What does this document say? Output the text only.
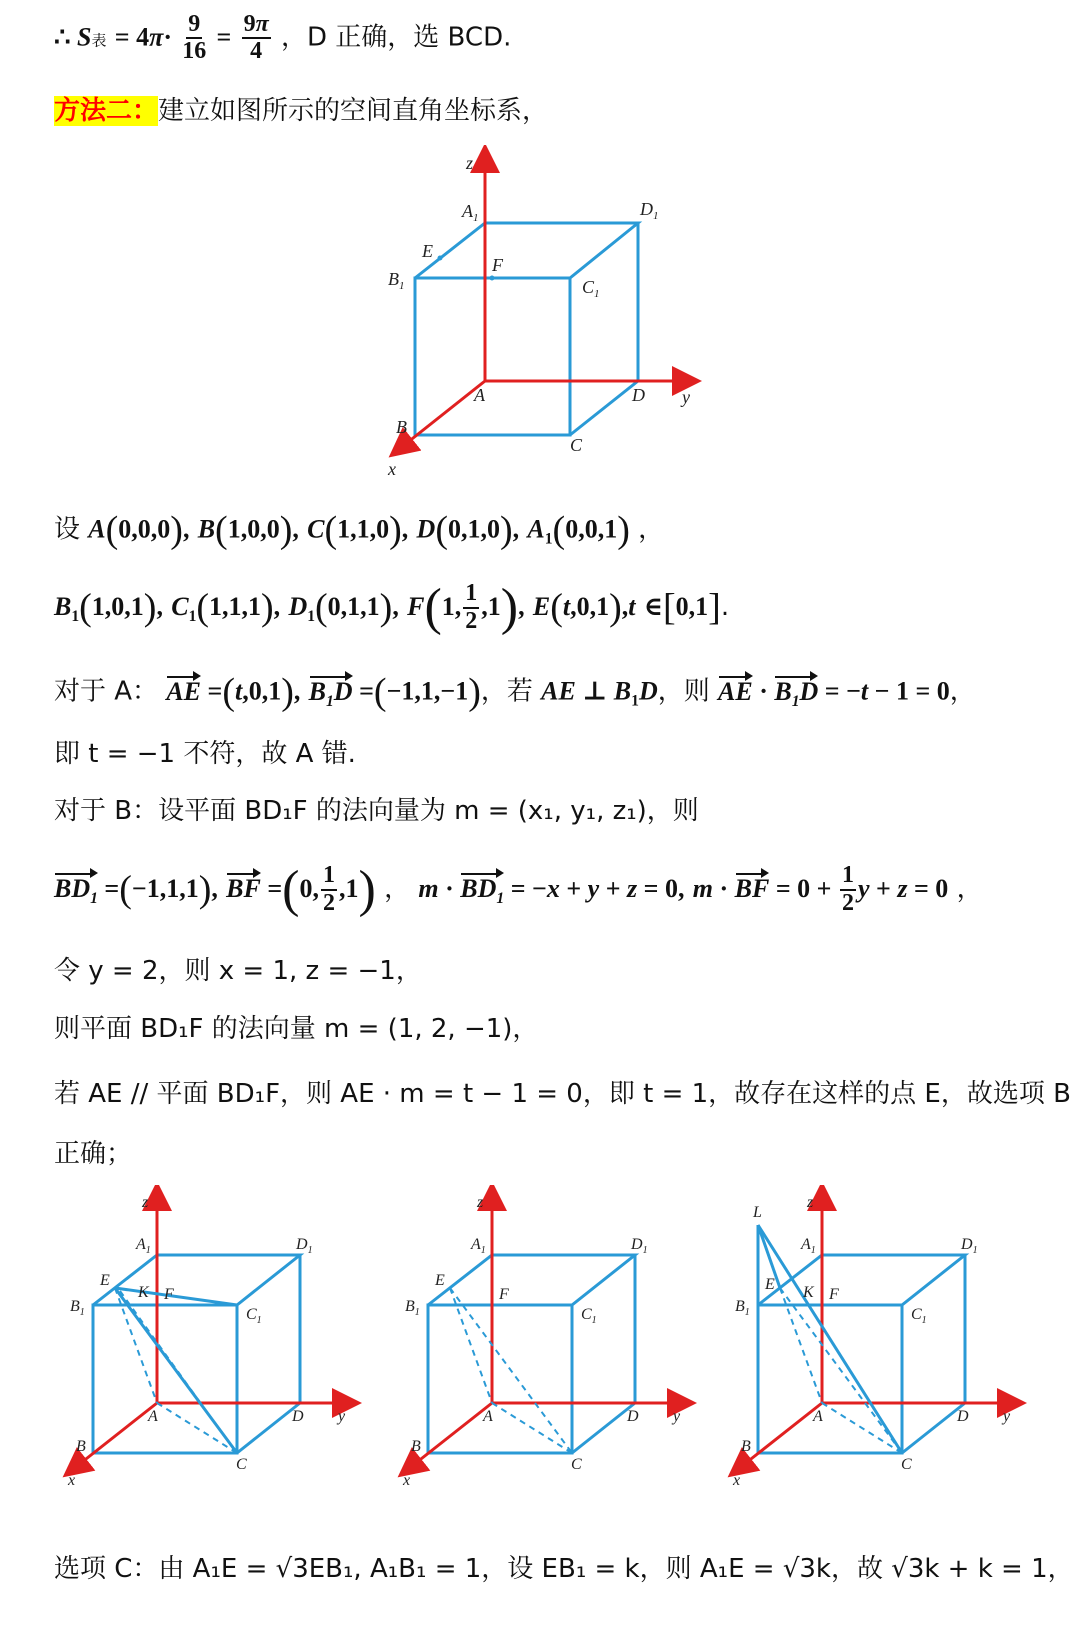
∴ S表 = $4\pi\cdot \frac{9}{16} = \frac{9\pi}{4}$ ，D 正确，选 BCD.
方法二：建立如图所示的空间直角坐标系，
z
y
x
$A_1$	$D_1$
E
F
$B_1$	$C_1$
A	D
B
C
设 A(0,0,0), B(1,0,0), C(1,1,0), D(0,1,0), $A_1(0,0,1)$ ，
$B_1(1,0,1)$, $C_1(1,1,1)$, $D_1(0,1,1)$, F(1, $\frac{1}{2} ,1$), E(t,0,1),t ∈[0,1].
对于 A： AE =(t,0,1), $B_1D =(-1,1,-1)$，若 AE ⊥ $B_1D$，则 AE · $B_1D = -t - 1 = 0$，
即 t = −1 不符，故 A 错.
对于 B：设平面 BD₁F 的法向量为 m = (x₁, y₁, z₁)，则
$BD_1 =(-1,1,1)$, BF =(0, $\frac{1}{2} ,1$) ， $m \cdot BD_1 = -x + y + z = 0$, m · BF = $0 + \frac{1}{2}$ y + z = 0 ，
令 y = 2，则 x = 1, z = −1，
则平面 BD₁F 的法向量 m = (1, 2, −1)，
若 AE // 平面 BD₁F，则 AE · m = t − 1 = 0，即 t = 1，故存在这样的点 E，故选项 B
正确；
z
y
x
$A_1$	$D_1$
E
K F
$B_1$	$C_1$
A	D
B
C
z
y
x
$A_1$	$D_1$
E
F
$B_1$	$C_1$
A	D
B
C
L
z
y
x
$A_1$	$D_1$
E K F
$B_1$	$C_1$
A	D
B
C
选项 C：由 A₁E = √3EB₁, A₁B₁ = 1，设 EB₁ = k，则 A₁E = √3k，故 √3k + k = 1，
